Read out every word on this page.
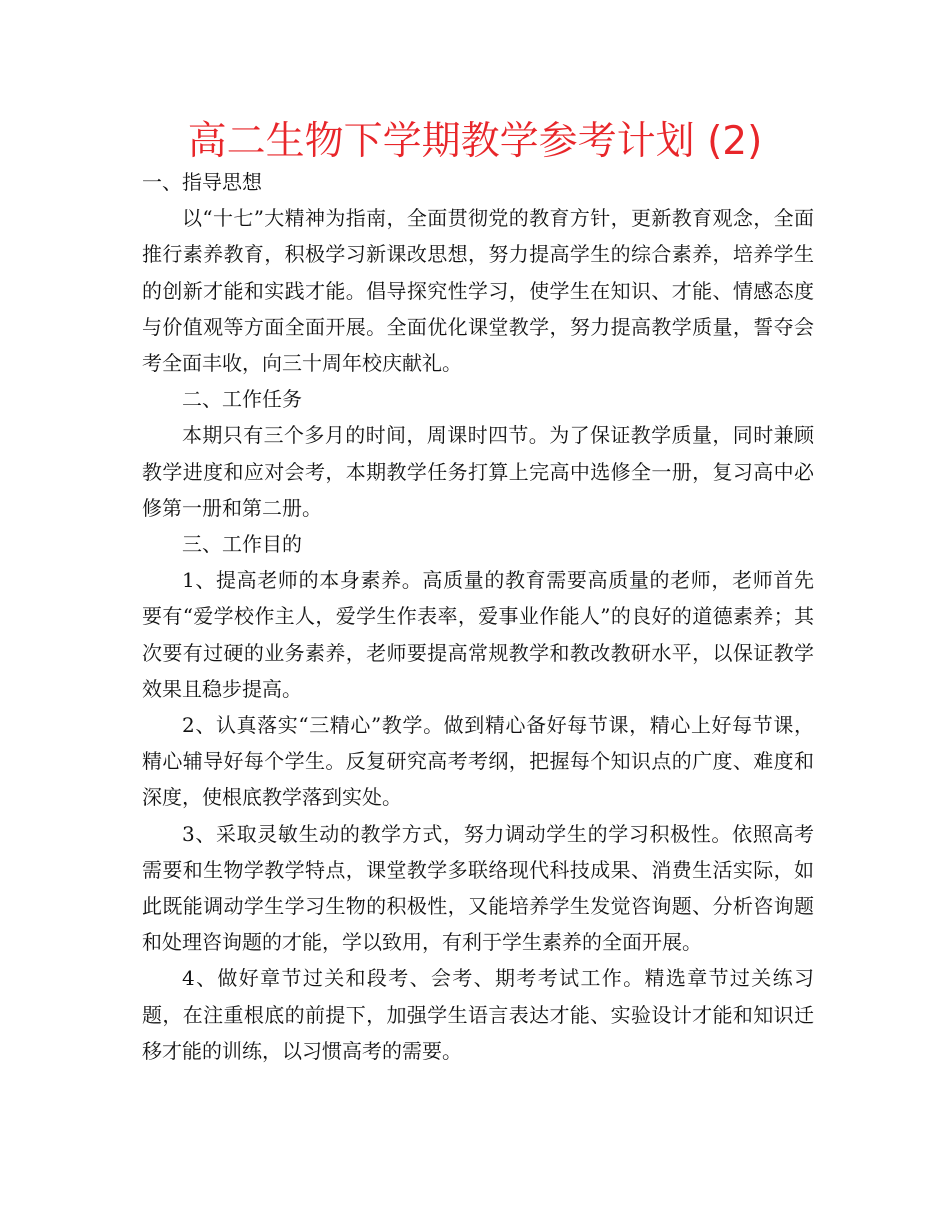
高二生物下学期教学参考计划 (2)

一、指导思想

以“十七”大精神为指南，全面贯彻党的教育方针，更新教育观念，全面推行素养教育，积极学习新课改思想，努力提高学生的综合素养，培养学生的创新才能和实践才能。倡导探究性学习，使学生在知识、才能、情感态度与价值观等方面全面开展。全面优化课堂教学，努力提高教学质量，誓夺会考全面丰收，向三十周年校庆献礼。

二、工作任务

本期只有三个多月的时间，周课时四节。为了保证教学质量，同时兼顾教学进度和应对会考，本期教学任务打算上完高中选修全一册，复习高中必修第一册和第二册。

三、工作目的

1、提高老师的本身素养。高质量的教育需要高质量的老师，老师首先要有“爱学校作主人，爱学生作表率，爱事业作能人”的良好的道德素养；其次要有过硬的业务素养，老师要提高常规教学和教改教研水平，以保证教学效果且稳步提高。

2、认真落实“三精心”教学。做到精心备好每节课，精心上好每节课，精心辅导好每个学生。反复研究高考考纲，把握每个知识点的广度、难度和深度，使根底教学落到实处。

3、采取灵敏生动的教学方式，努力调动学生的学习积极性。依照高考需要和生物学教学特点，课堂教学多联络现代科技成果、消费生活实际，如此既能调动学生学习生物的积极性，又能培养学生发觉咨询题、分析咨询题和处理咨询题的才能，学以致用，有利于学生素养的全面开展。

4、做好章节过关和段考、会考、期考考试工作。精选章节过关练习题，在注重根底的前提下，加强学生语言表达才能、实验设计才能和知识迁移才能的训练，以习惯高考的需要。
